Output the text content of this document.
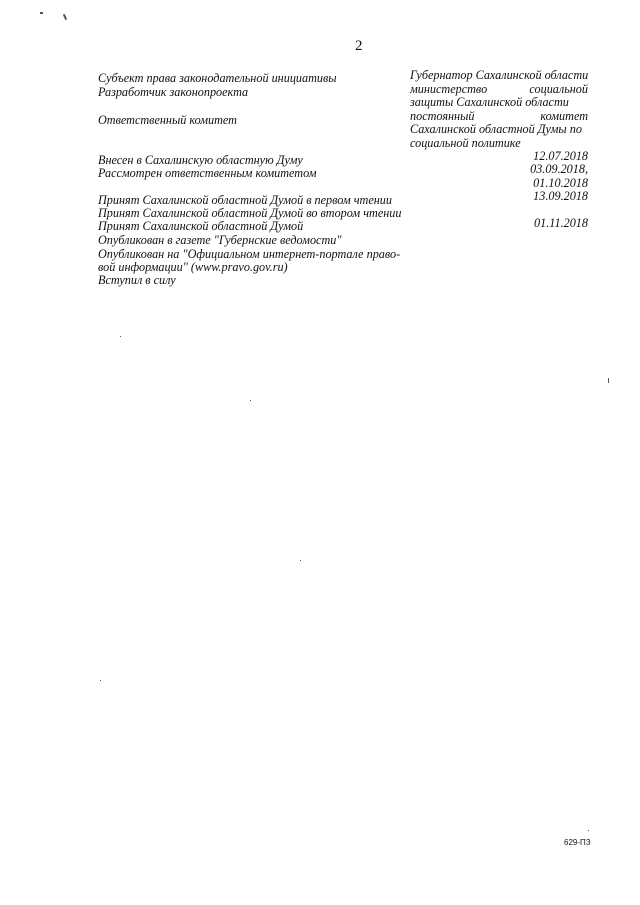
2
Субъект права законодательной инициативы
Разработчик законопроекта
Ответственный комитет
Внесен в Сахалинскую областную Думу
Рассмотрен ответственным комитетом
Принят Сахалинской областной Думой в первом чтении
Принят Сахалинской областной Думой во втором чтении
Принят Сахалинской областной Думой
Опубликован в газете "Губернские ведомости"
Опубликован на "Официальном интернет-портале право-
вой информации" (www.pravo.gov.ru)
Вступил в силу
Губернатор Сахалинской области
министерство	социальной
защиты Сахалинской области
постоянный	комитет
Сахалинской областной Думы по
социальной политике
12.07.2018
03.09.2018,
01.10.2018
13.09.2018
01.11.2018
629-ПЗ
